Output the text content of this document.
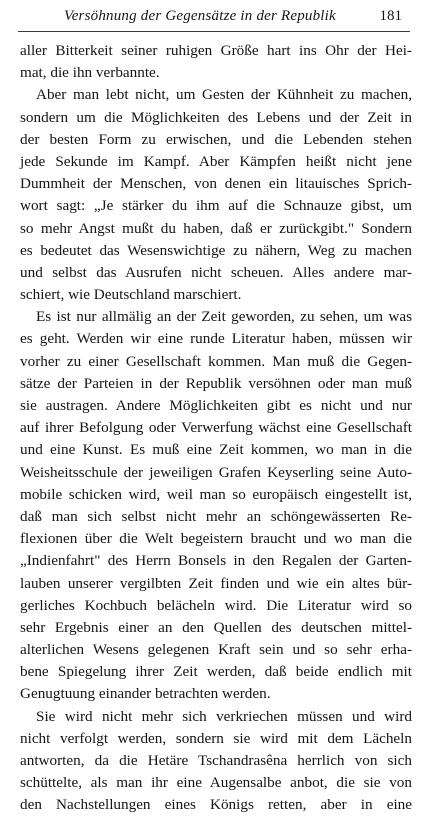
Versöhnung der Gegensätze in der Republik	181
aller Bitterkeit seiner ruhigen Größe hart ins Ohr der Hei-
mat, die ihn verbannte.
Aber man lebt nicht, um Gesten der Kühnheit zu machen,
sondern um die Möglichkeiten des Lebens und der Zeit in
der besten Form zu erwischen, und die Lebenden stehen
jede Sekunde im Kampf. Aber Kämpfen heißt nicht jene
Dummheit der Menschen, von denen ein litauisches Sprich-
wort sagt: „Je stärker du ihm auf die Schnauze gibst, um
so mehr Angst mußt du haben, daß er zurückgibt." Sondern
es bedeutet das Wesenswichtige zu nähern, Weg zu machen
und selbst das Ausrufen nicht scheuen. Alles andere mar-
schiert, wie Deutschland marschiert.
Es ist nur allmälig an der Zeit geworden, zu sehen, um was
es geht. Werden wir eine runde Literatur haben, müssen wir
vorher zu einer Gesellschaft kommen. Man muß die Gegen-
sätze der Parteien in der Republik versöhnen oder man muß
sie austragen. Andere Möglichkeiten gibt es nicht und nur
auf ihrer Befolgung oder Verwerfung wächst eine Gesellschaft
und eine Kunst. Es muß eine Zeit kommen, wo man in die
Weisheitsschule der jeweiligen Grafen Keyserling seine Auto-
mobile schicken wird, weil man so europäisch eingestellt ist,
daß man sich selbst nicht mehr an schöngewässerten Re-
flexionen über die Welt begeistern braucht und wo man die
„Indienfahrt" des Herrn Bonsels in den Regalen der Garten-
lauben unserer vergilbten Zeit finden und wie ein altes bür-
gerliches Kochbuch belächeln wird. Die Literatur wird so
sehr Ergebnis einer an den Quellen des deutschen mittel-
alterlichen Wesens gelegenen Kraft sein und so sehr erha-
bene Spiegelung ihrer Zeit werden, daß beide endlich mit
Genugtuung einander betrachten werden.
Sie wird nicht mehr sich verkriechen müssen und wird
nicht verfolgt werden, sondern sie wird mit dem Lächeln
antworten, da die Hetäre Tschandrasêna herrlich von sich
schüttelte, als man ihr eine Augensalbe anbot, die sie von
den Nachstellungen eines Königs retten, aber in eine
